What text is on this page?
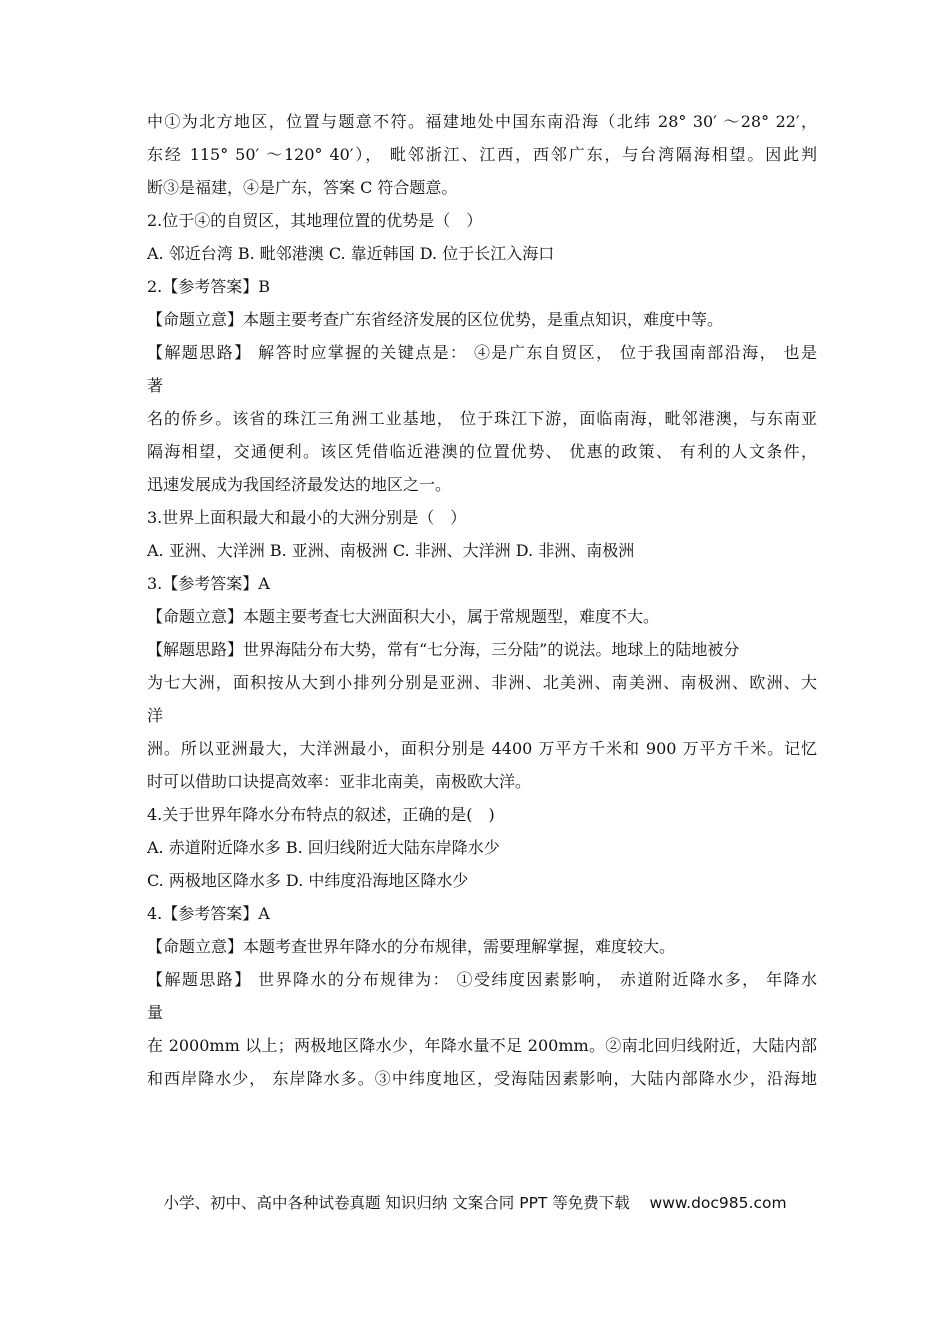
中①为北方地区，位置与题意不符。福建地处中国东南沿海（北纬 28° 30′ ～28° 22′，
东经 115° 50′ ～120° 40′）， 毗邻浙江、江西，西邻广东，与台湾隔海相望。因此判
断③是福建，④是广东，答案 C 符合题意。
2.位于④的自贸区，其地理位置的优势是（　）
A. 邻近台湾 B. 毗邻港澳 C. 靠近韩国 D. 位于长江入海口
2.【参考答案】B
【命题立意】本题主要考查广东省经济发展的区位优势，是重点知识，难度中等。
【解题思路】 解答时应掌握的关键点是： ④是广东自贸区， 位于我国南部沿海， 也是
著
名的侨乡。该省的珠江三角洲工业基地， 位于珠江下游，面临南海，毗邻港澳，与东南亚
隔海相望，交通便利。该区凭借临近港澳的位置优势、 优惠的政策、 有利的人文条件，
迅速发展成为我国经济最发达的地区之一。
3.世界上面积最大和最小的大洲分别是（　）
A. 亚洲、大洋洲 B. 亚洲、南极洲 C. 非洲、大洋洲 D. 非洲、南极洲
3.【参考答案】A
【命题立意】本题主要考查七大洲面积大小，属于常规题型，难度不大。
【解题思路】世界海陆分布大势，常有“七分海，三分陆”的说法。地球上的陆地被分
为七大洲，面积按从大到小排列分别是亚洲、非洲、北美洲、南美洲、南极洲、欧洲、大
洋
洲。所以亚洲最大，大洋洲最小，面积分别是 4400 万平方千米和 900 万平方千米。记忆
时可以借助口诀提高效率：亚非北南美，南极欧大洋。
4.关于世界年降水分布特点的叙述，正确的是(　)
A. 赤道附近降水多 B. 回归线附近大陆东岸降水少
C. 两极地区降水多 D. 中纬度沿海地区降水少
4.【参考答案】A
【命题立意】本题考查世界年降水的分布规律，需要理解掌握，难度较大。
【解题思路】 世界降水的分布规律为： ①受纬度因素影响， 赤道附近降水多， 年降水
量
在 2000mm 以上；两极地区降水少，年降水量不足 200mm。②南北回归线附近，大陆内部
和西岸降水少， 东岸降水多。③中纬度地区，受海陆因素影响，大陆内部降水少，沿海地
小学、初中、高中各种试卷真题 知识归纳 文案合同 PPT 等免费下载 www.doc985.com
